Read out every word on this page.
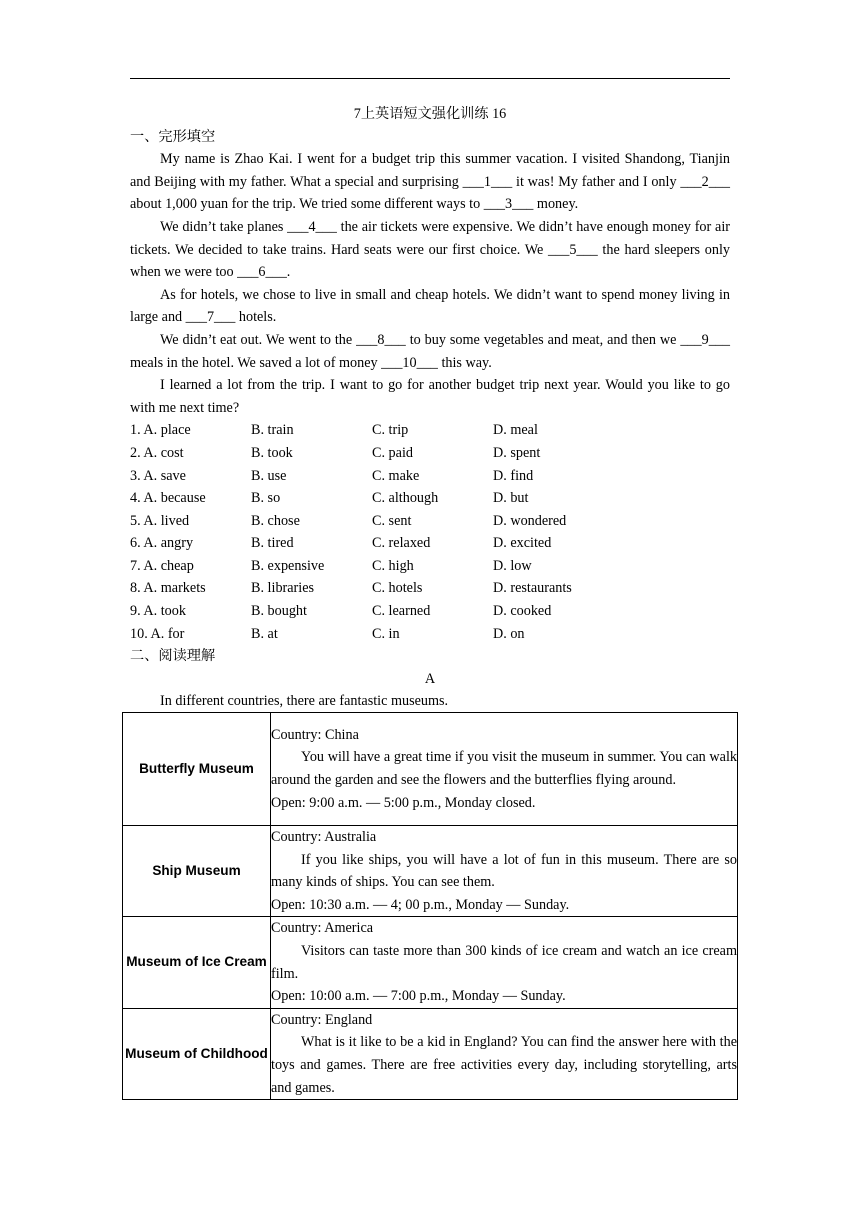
7上英语短文强化训练 16

一、完形填空

My name is Zhao Kai. I went for a budget trip this summer vacation. I visited Shandong, Tianjin and Beijing with my father. What a special and surprising ___1___ it was! My father and I only ___2___ about 1,000 yuan for the trip. We tried some different ways to ___3___ money.

We didn’t take planes ___4___ the air tickets were expensive. We didn’t have enough money for air tickets. We decided to take trains. Hard seats were our first choice. We ___5___ the hard sleepers only when we were too ___6___.

As for hotels, we chose to live in small and cheap hotels. We didn’t want to spend money living in large and ___7___ hotels.

We didn’t eat out. We went to the ___8___ to buy some vegetables and meat, and then we ___9___ meals in the hotel. We saved a lot of money ___10___ this way.

I learned a lot from the trip. I want to go for another budget trip next year. Would you like to go with me next time?

1. A. place	B. train	C. trip	D. meal
2. A. cost	B. took	C. paid	D. spent
3. A. save	B. use	C. make	D. find
4. A. because	B. so	C. although	D. but
5. A. lived	B. chose	C. sent	D. wondered
6. A. angry	B. tired	C. relaxed	D. excited
7. A. cheap	B. expensive	C. high	D. low
8. A. markets	B. libraries	C. hotels	D. restaurants
9. A. took	B. bought	C. learned	D. cooked
10. A. for	B. at	C. in	D. on

二、阅读理解

A

In different countries, there are fantastic museums.

Butterfly Museum	Country: China

You will have a great time if you visit the museum in summer. You can walk around the garden and see the flowers and the butterflies flying around.

Open: 9:00 a.m. — 5:00 p.m., Monday closed.

Ship Museum	Country: Australia

If you like ships, you will have a lot of fun in this museum. There are so many kinds of ships. You can see them.

Open: 10:30 a.m. — 4; 00 p.m., Monday — Sunday.

Museum of Ice Cream	Country: America

Visitors can taste more than 300 kinds of ice cream and watch an ice cream film.

Open: 10:00 a.m. — 7:00 p.m., Monday — Sunday.

Museum of Childhood	Country: England

What is it like to be a kid in England? You can find the answer here with the toys and games. There are free activities every day, including storytelling, arts and games.
